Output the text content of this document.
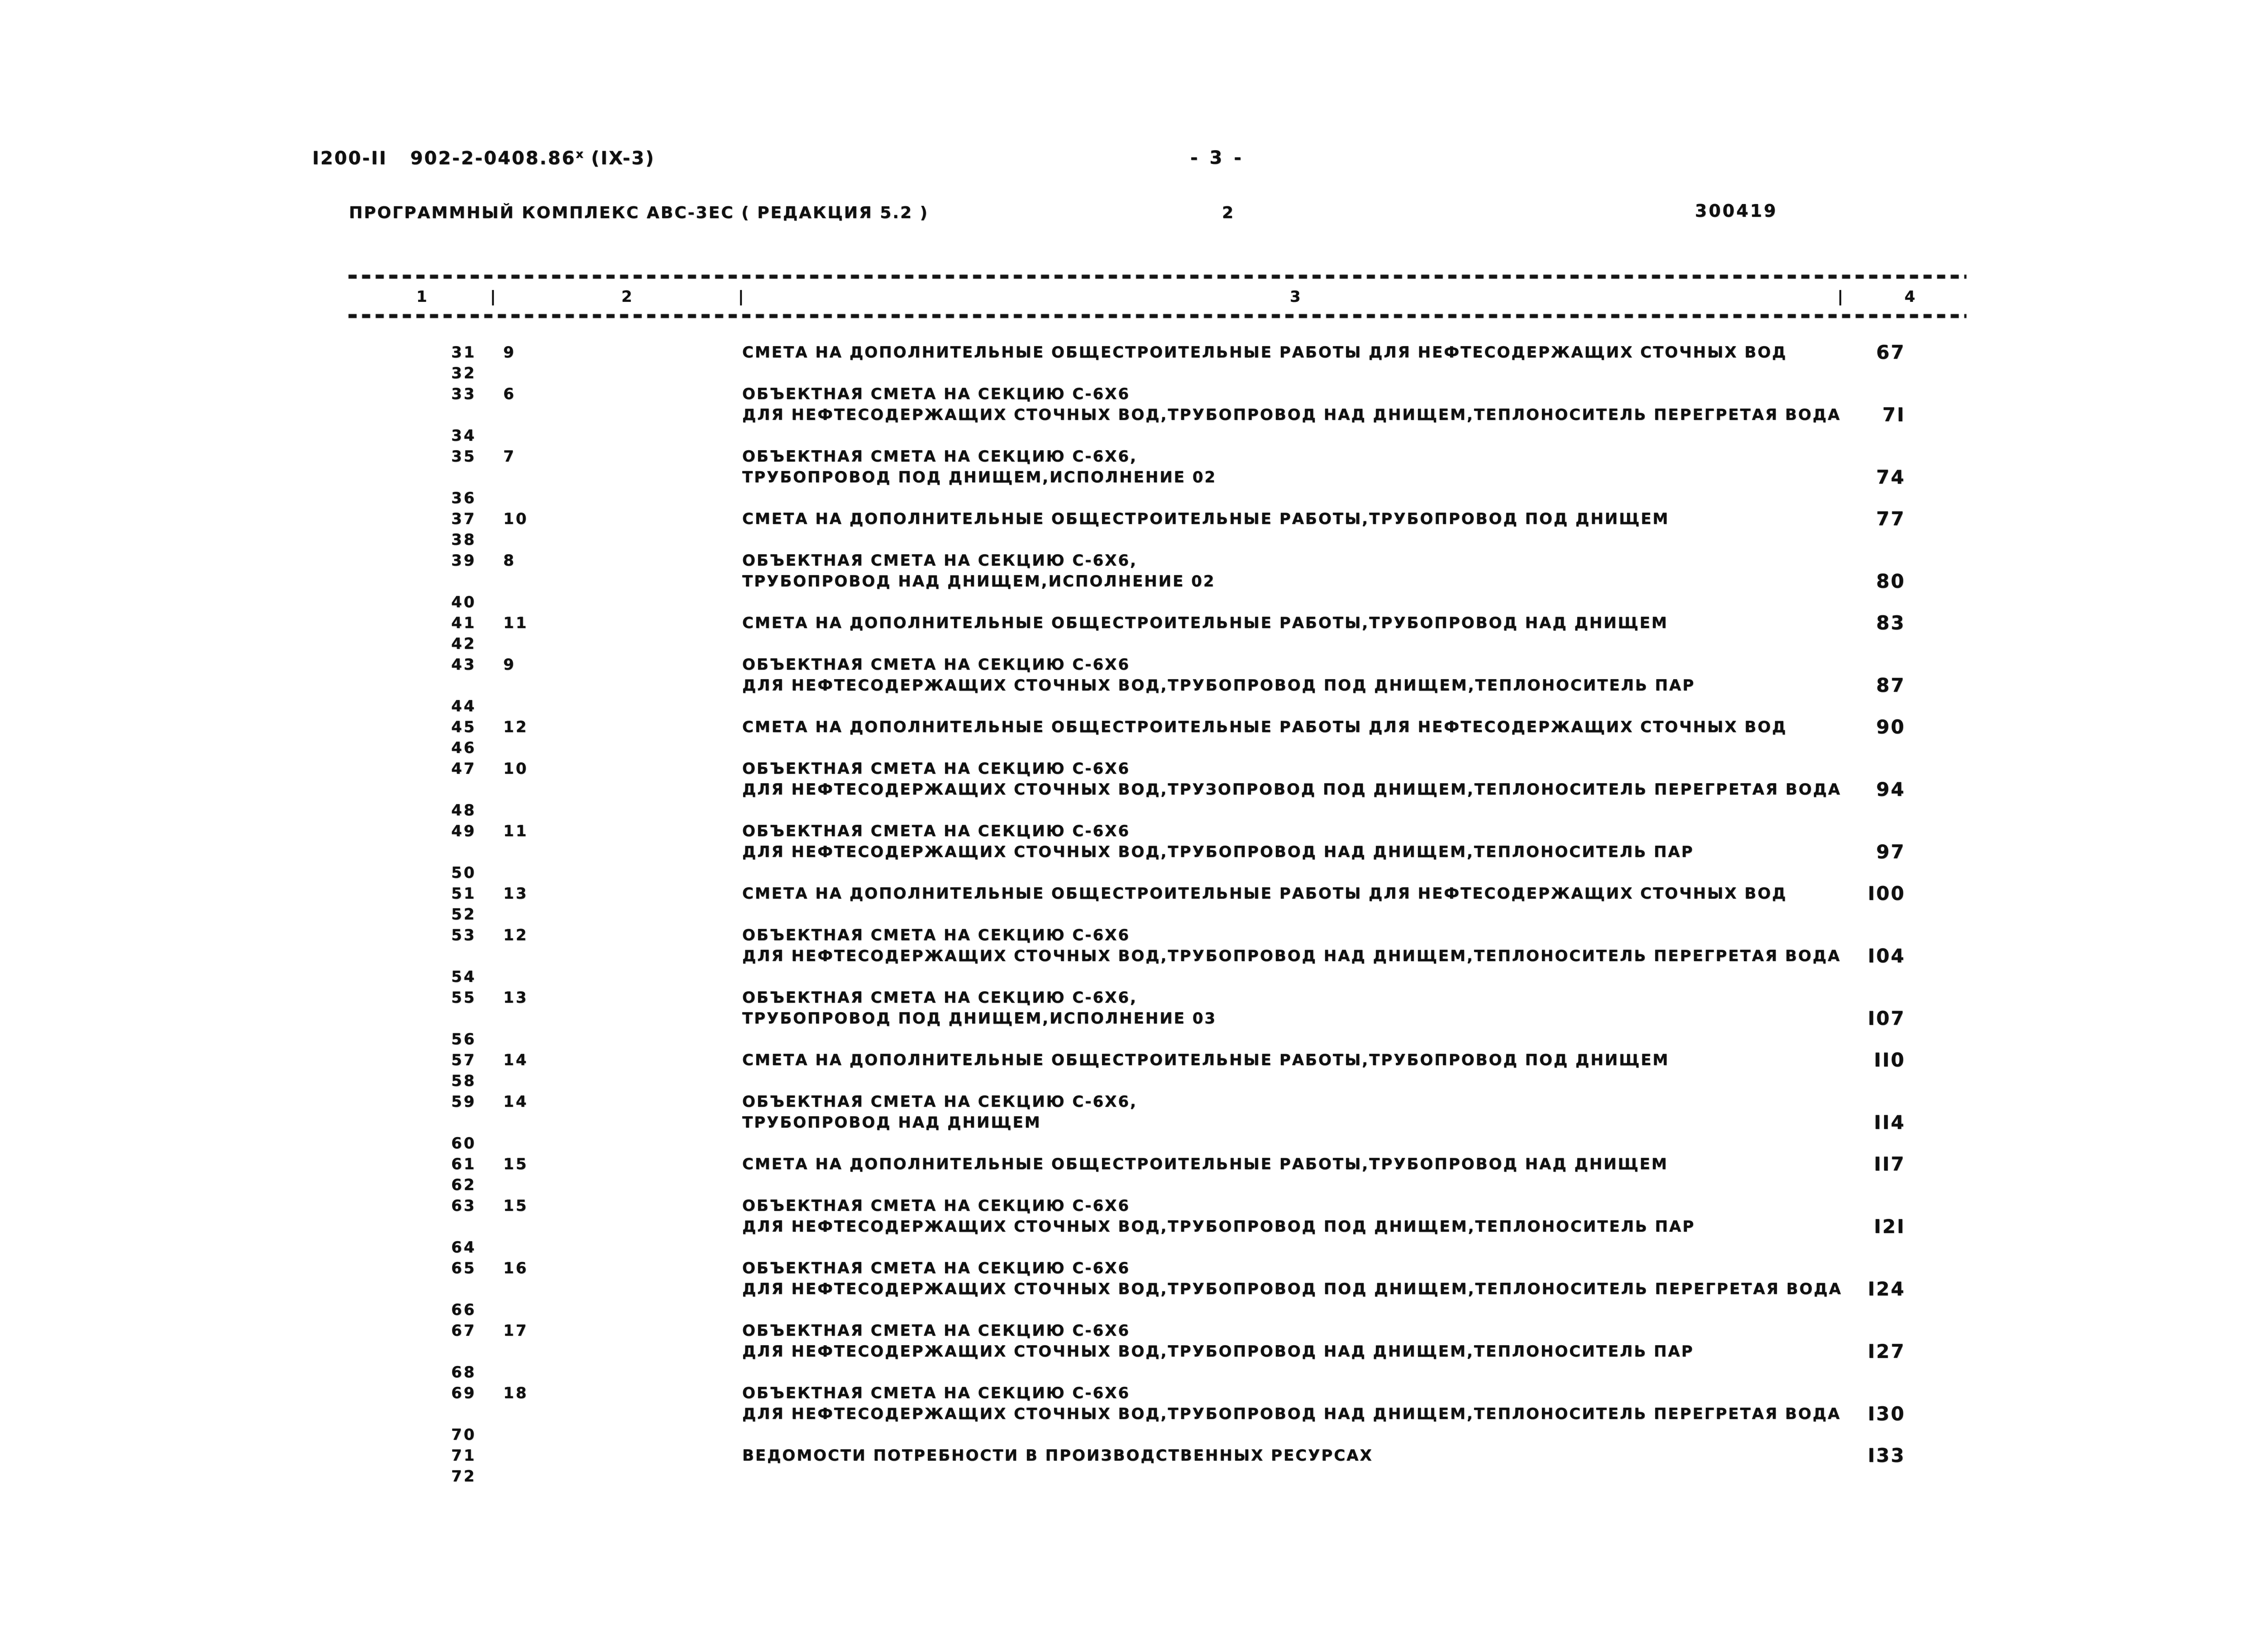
I200-II $902-2-0408.86^х$ (IX-3)	- 3 -
ПРОГРАММНЫЙ КОМПЛЕКС АВС-3ЕС ( РЕДАКЦИЯ 5.2 )	2	300419
1	|	2	|	3	|	4
31 9	СМЕТА НА ДОПОЛНИТЕЛЬНЫЕ ОБЩЕСТРОИТЕЛЬНЫЕ РАБОТЫ ДЛЯ НЕФТЕСОДЕРЖАЩИХ СТОЧНЫХ ВОД	67
32
33 6	ОБЪЕКТНАЯ СМЕТА НА СЕКЦИЮ С-6Х6
ДЛЯ НЕФТЕСОДЕРЖАЩИХ СТОЧНЫХ ВОД,ТРУБОПРОВОД НАД ДНИЩЕМ,ТЕПЛОНОСИТЕЛЬ ПЕРЕГРЕТАЯ ВОДА	7I
34
35 7	ОБЪЕКТНАЯ СМЕТА НА СЕКЦИЮ С-6Х6,
ТРУБОПРОВОД ПОД ДНИЩЕМ,ИСПОЛНЕНИЕ 02	74
36
37 10	СМЕТА НА ДОПОЛНИТЕЛЬНЫЕ ОБЩЕСТРОИТЕЛЬНЫЕ РАБОТЫ,ТРУБОПРОВОД ПОД ДНИЩЕМ	77
38
39 8	ОБЪЕКТНАЯ СМЕТА НА СЕКЦИЮ С-6Х6,
ТРУБОПРОВОД НАД ДНИЩЕМ,ИСПОЛНЕНИЕ 02	80
40
41 11	СМЕТА НА ДОПОЛНИТЕЛЬНЫЕ ОБЩЕСТРОИТЕЛЬНЫЕ РАБОТЫ,ТРУБОПРОВОД НАД ДНИЩЕМ	83
42
43 9	ОБЪЕКТНАЯ СМЕТА НА СЕКЦИЮ С-6Х6
ДЛЯ НЕФТЕСОДЕРЖАЩИХ СТОЧНЫХ ВОД,ТРУБОПРОВОД ПОД ДНИЩЕМ,ТЕПЛОНОСИТЕЛЬ ПАР	87
44
45 12	СМЕТА НА ДОПОЛНИТЕЛЬНЫЕ ОБЩЕСТРОИТЕЛЬНЫЕ РАБОТЫ ДЛЯ НЕФТЕСОДЕРЖАЩИХ СТОЧНЫХ ВОД	90
46
47 10	ОБЪЕКТНАЯ СМЕТА НА СЕКЦИЮ С-6Х6
ДЛЯ НЕФТЕСОДЕРЖАЩИХ СТОЧНЫХ ВОД,ТРУЗОПРОВОД ПОД ДНИЩЕМ,ТЕПЛОНОСИТЕЛЬ ПЕРЕГРЕТАЯ ВОДА	94
48
49 11	ОБЪЕКТНАЯ СМЕТА НА СЕКЦИЮ С-6Х6
ДЛЯ НЕФТЕСОДЕРЖАЩИХ СТОЧНЫХ ВОД,ТРУБОПРОВОД НАД ДНИЩЕМ,ТЕПЛОНОСИТЕЛЬ ПАР	97
50
51 13	СМЕТА НА ДОПОЛНИТЕЛЬНЫЕ ОБЩЕСТРОИТЕЛЬНЫЕ РАБОТЫ ДЛЯ НЕФТЕСОДЕРЖАЩИХ СТОЧНЫХ ВОД	I00
52
53 12	ОБЪЕКТНАЯ СМЕТА НА СЕКЦИЮ С-6Х6
ДЛЯ НЕФТЕСОДЕРЖАЩИХ СТОЧНЫХ ВОД,ТРУБОПРОВОД НАД ДНИЩЕМ,ТЕПЛОНОСИТЕЛЬ ПЕРЕГРЕТАЯ ВОДА	I04
54
55 13	ОБЪЕКТНАЯ СМЕТА НА СЕКЦИЮ С-6Х6,
ТРУБОПРОВОД ПОД ДНИЩЕМ,ИСПОЛНЕНИЕ 03	I07
56
57 14	СМЕТА НА ДОПОЛНИТЕЛЬНЫЕ ОБЩЕСТРОИТЕЛЬНЫЕ РАБОТЫ,ТРУБОПРОВОД ПОД ДНИЩЕМ	II0
58
59 14	ОБЪЕКТНАЯ СМЕТА НА СЕКЦИЮ С-6Х6,
ТРУБОПРОВОД НАД ДНИЩЕМ	II4
60
61 15	СМЕТА НА ДОПОЛНИТЕЛЬНЫЕ ОБЩЕСТРОИТЕЛЬНЫЕ РАБОТЫ,ТРУБОПРОВОД НАД ДНИЩЕМ	II7
62
63 15	ОБЪЕКТНАЯ СМЕТА НА СЕКЦИЮ С-6Х6
ДЛЯ НЕФТЕСОДЕРЖАЩИХ СТОЧНЫХ ВОД,ТРУБОПРОВОД ПОД ДНИЩЕМ,ТЕПЛОНОСИТЕЛЬ ПАР	I2I
64
65 16	ОБЪЕКТНАЯ СМЕТА НА СЕКЦИЮ С-6Х6
ДЛЯ НЕФТЕСОДЕРЖАЩИХ СТОЧНЫХ ВОД,ТРУБОПРОВОД ПОД ДНИЩЕМ,ТЕПЛОНОСИТЕЛЬ ПЕРЕГРЕТАЯ ВОДА	I24
66
67 17	ОБЪЕКТНАЯ СМЕТА НА СЕКЦИЮ С-6Х6
ДЛЯ НЕФТЕСОДЕРЖАЩИХ СТОЧНЫХ ВОД,ТРУБОПРОВОД НАД ДНИЩЕМ,ТЕПЛОНОСИТЕЛЬ ПАР	I27
68
69 18	ОБЪЕКТНАЯ СМЕТА НА СЕКЦИЮ С-6Х6
ДЛЯ НЕФТЕСОДЕРЖАЩИХ СТОЧНЫХ ВОД,ТРУБОПРОВОД НАД ДНИЩЕМ,ТЕПЛОНОСИТЕЛЬ ПЕРЕГРЕТАЯ ВОДА	I30
70
71	ВЕДОМОСТИ ПОТРЕБНОСТИ В ПРОИЗВОДСТВЕННЫХ РЕСУРСАХ	I33
72
